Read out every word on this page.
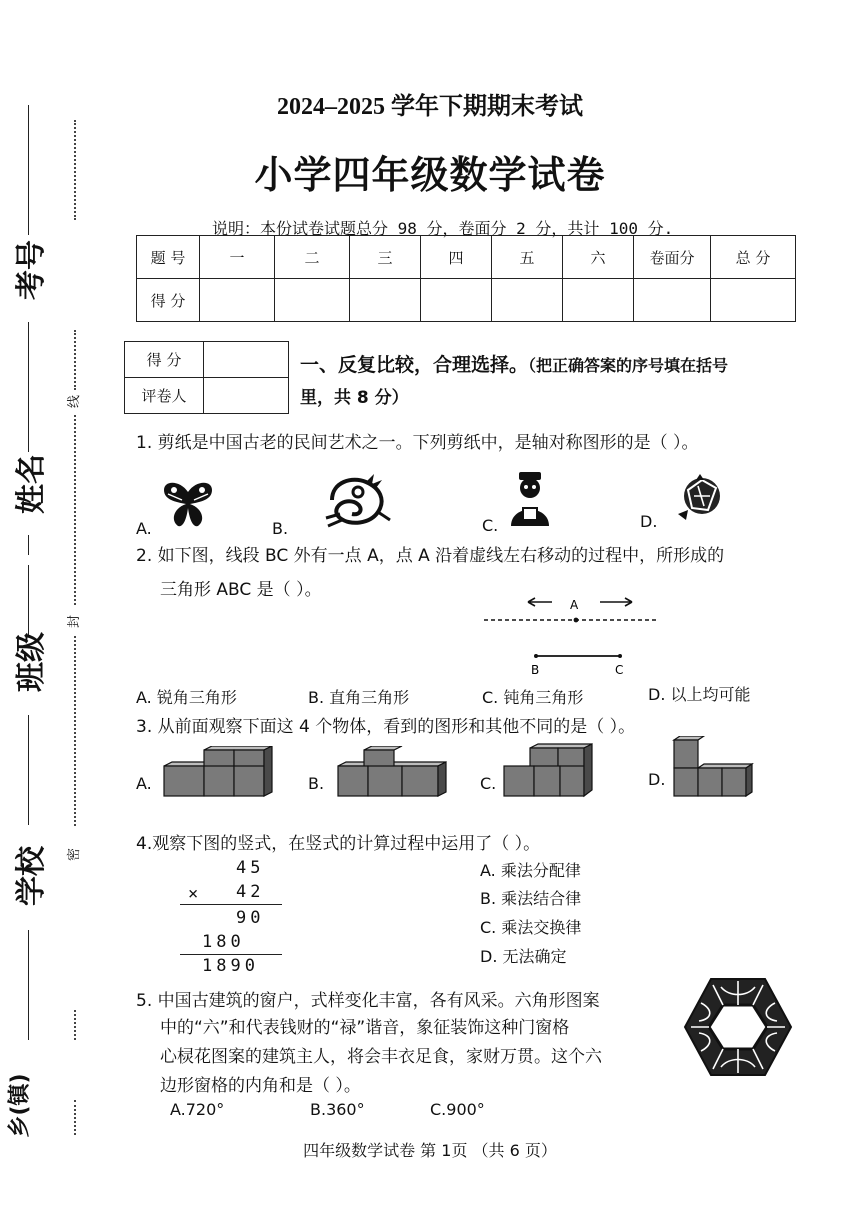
考号
姓名
班级
学校
乡(镇)
线
封
密
2024–2025 学年下期期末考试
小学四年级数学试卷
说明：本份试卷试题总分 98 分，卷面分 2 分，共计 100 分.
题 号	一	二	三	四	五	六	卷面分	总 分
得 分								
得 分	
评卷人	
一、反复比较，合理选择。（把正确答案的序号填在括号
里，共 8 分）
1. 剪纸是中国古老的民间艺术之一。下列剪纸中，是轴对称图形的是（ ）。
A.	B.	C.	D.
2. 如下图，线段 BC 外有一点 A，点 A 沿着虚线左右移动的过程中，所形成的
三角形 ABC 是（ ）。
A
B	C
A. 锐角三角形	B. 直角三角形	C. 钝角三角形	D. 以上均可能
3. 从前面观察下面这 4 个物体，看到的图形和其他不同的是（ ）。
A.	B.	C.	D.
4.观察下图的竖式，在竖式的计算过程中运用了（ ）。
45
× 42
90
180
1890
A. 乘法分配律
B. 乘法结合律
C. 乘法交换律
D. 无法确定
5. 中国古建筑的窗户，式样变化丰富，各有风采。六角形图案
中的“六”和代表钱财的“禄”谐音，象征装饰这种门窗格
心棂花图案的建筑主人，将会丰衣足食，家财万贯。这个六
边形窗格的内角和是（ ）。
A.720°	B.360°	C.900°
四年级数学试卷 第 1页 （共 6 页）
